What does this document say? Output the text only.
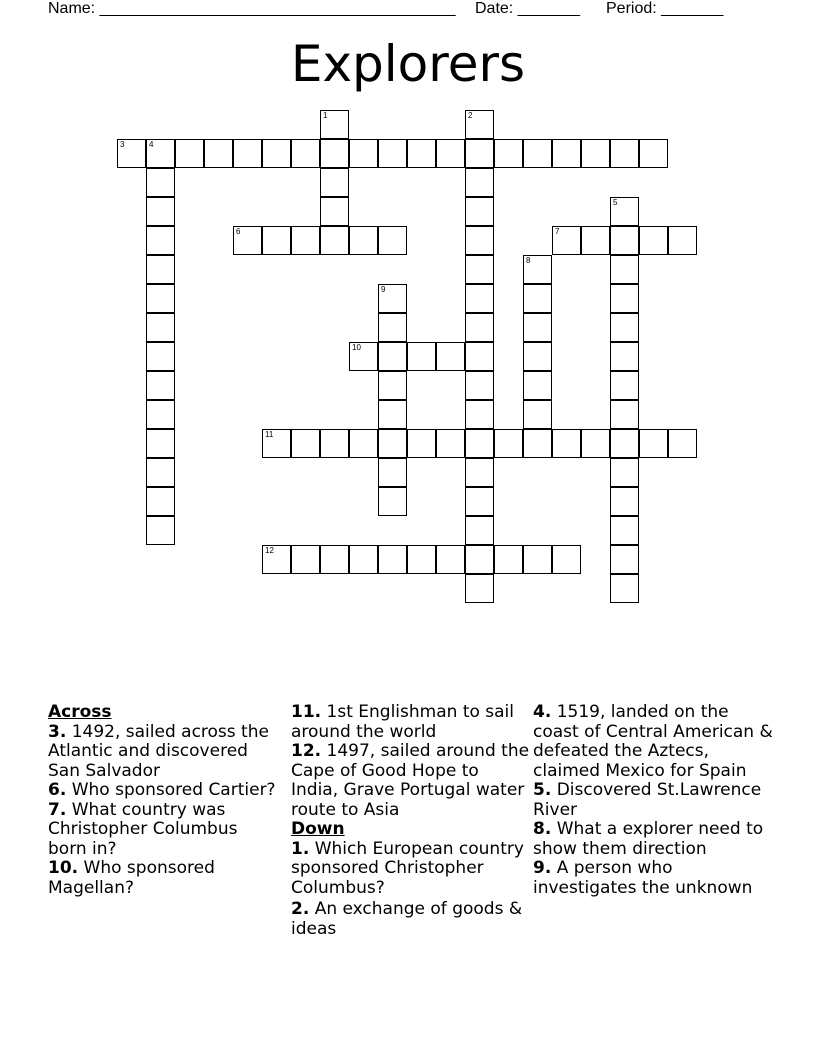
Name: ________________________________________ Date: _______ Period: _______
Explorers
1	2
3	4
5
6	7
8
9
10
11
12
Across
3. 1492, sailed across the Atlantic and discovered San Salvador
6. Who sponsored Cartier?
7. What country was Christopher Columbus born in?
10. Who sponsored Magellan?
11. 1st Englishman to sail around the world
12. 1497, sailed around the Cape of Good Hope to India, Grave Portugal water route to Asia
Down
1. Which European country sponsored Christopher Columbus?
2. An exchange of goods & ideas
4. 1519, landed on the coast of Central American & defeated the Aztecs, claimed Mexico for Spain
5. Discovered St.Lawrence River
8. What a explorer need to show them direction
9. A person who investigates the unknown
